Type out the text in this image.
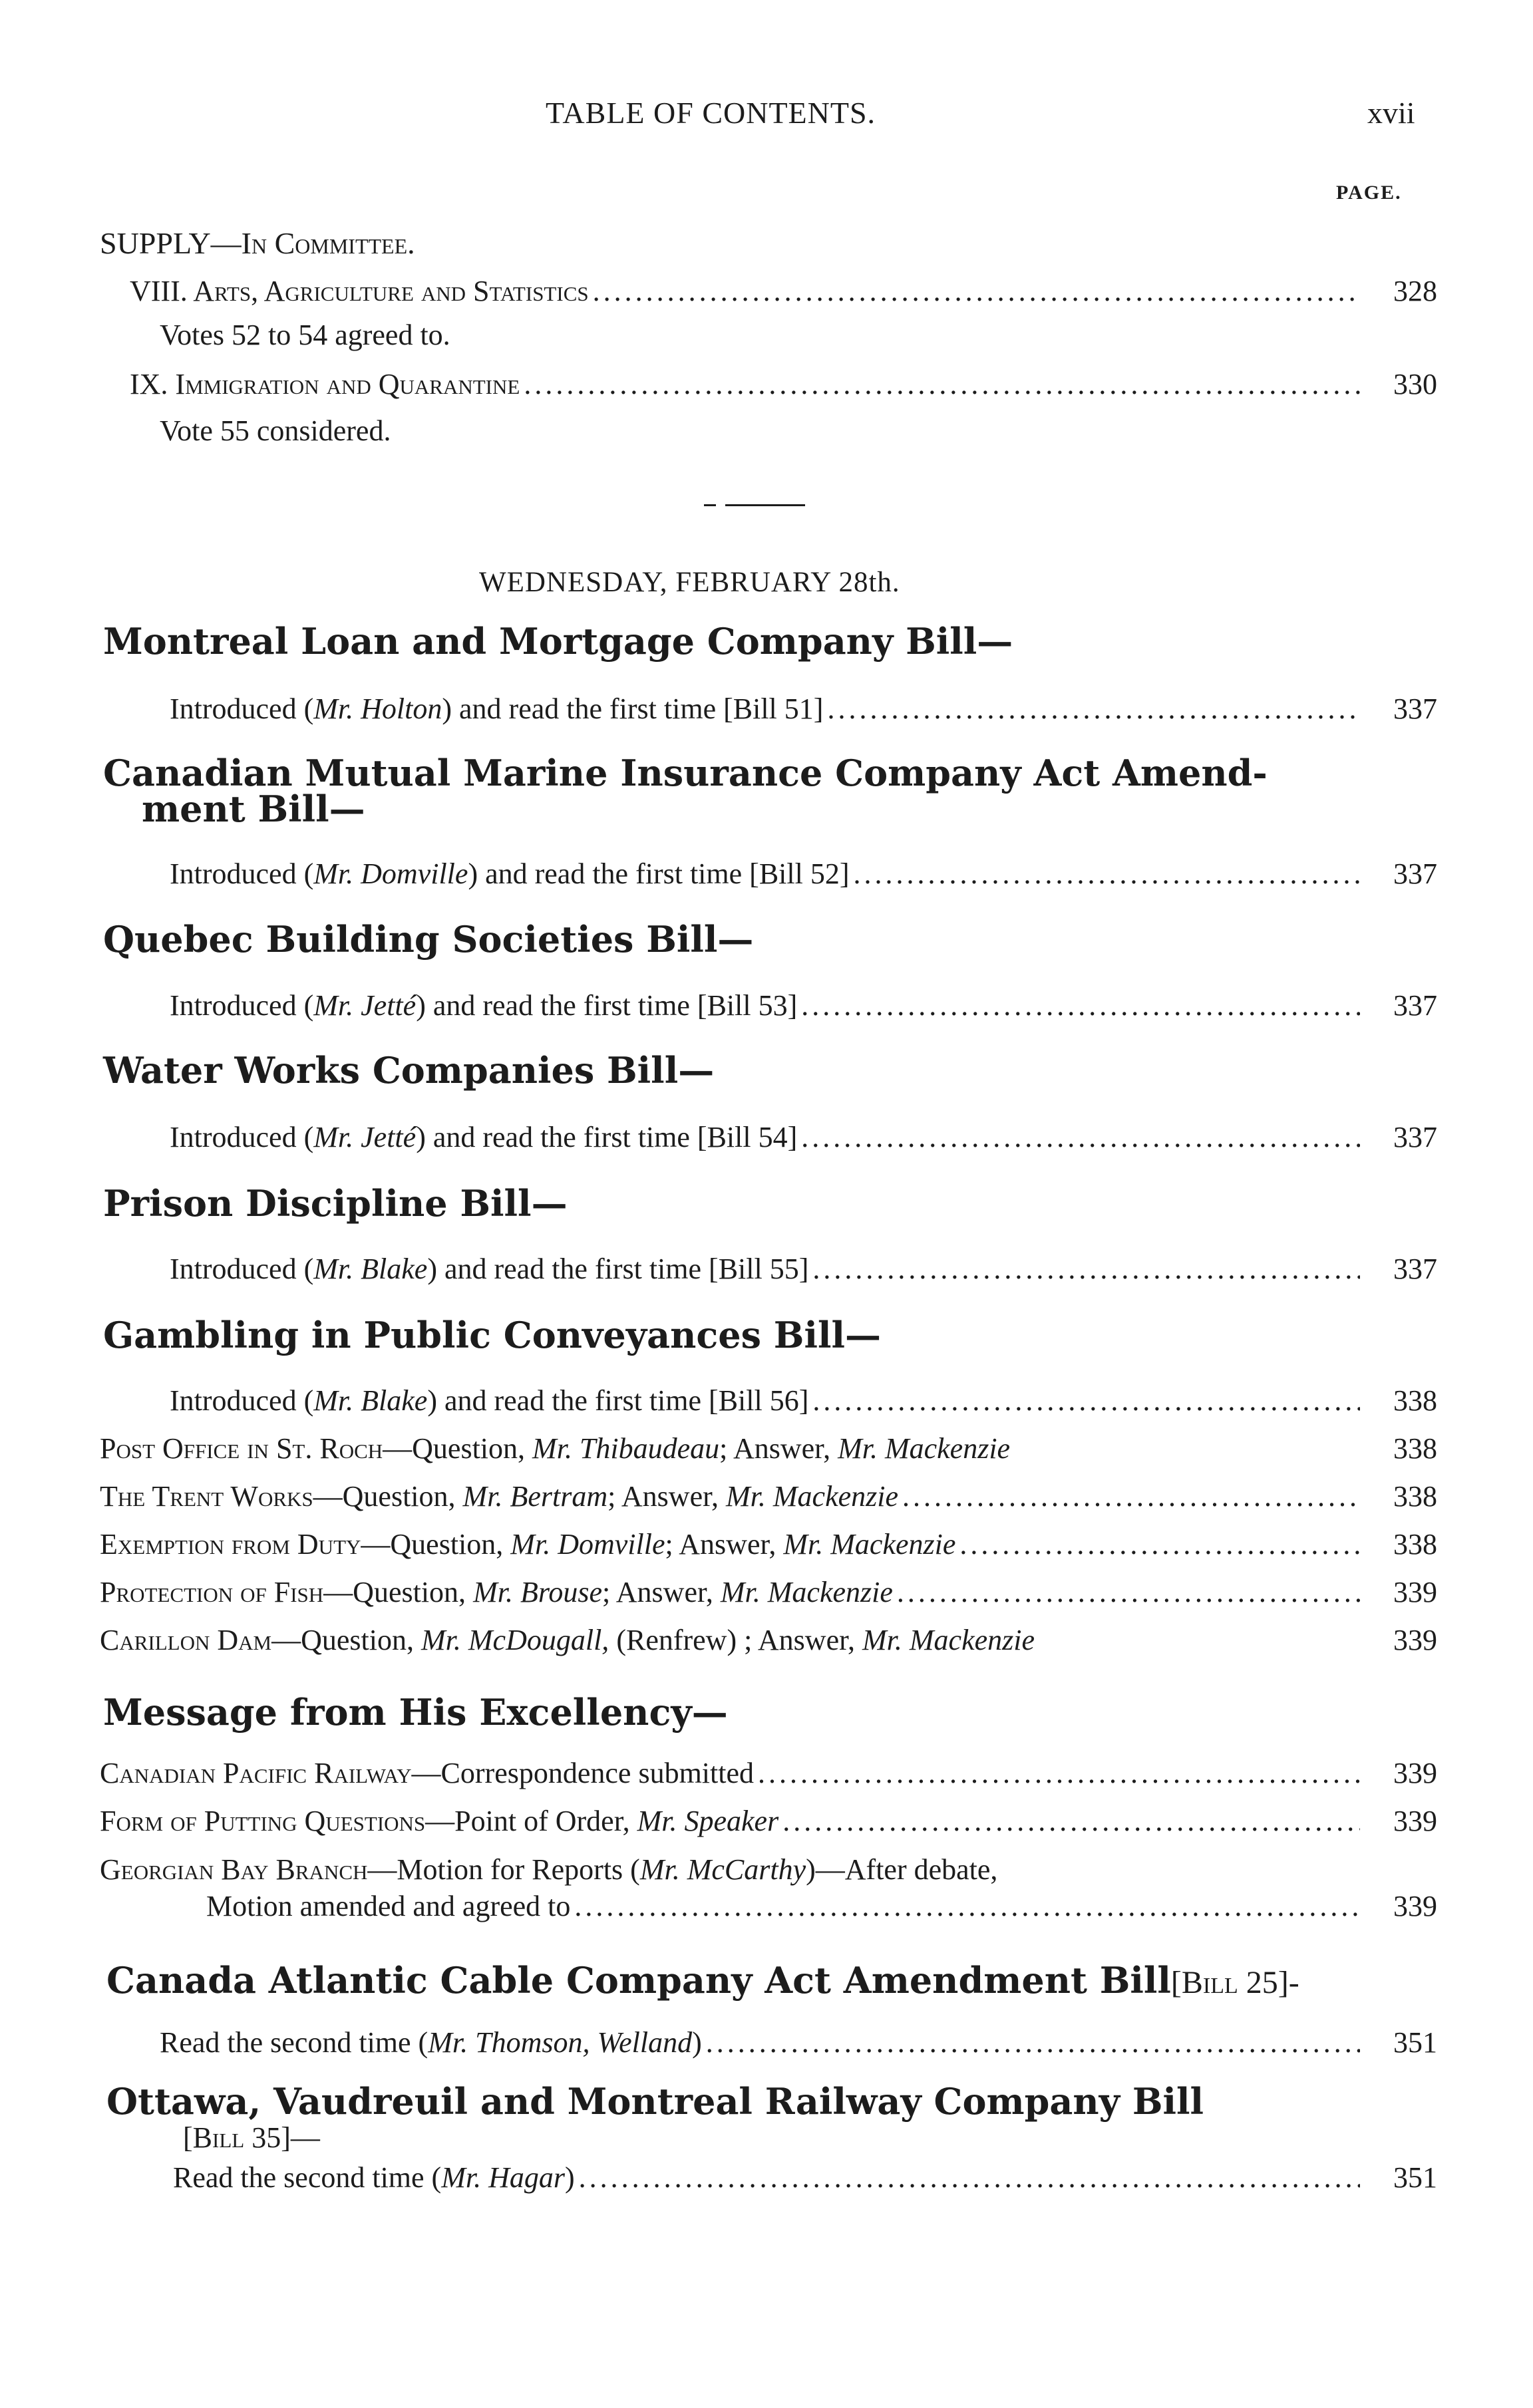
TABLE OF CONTENTS.	xvii
PAGE.
SUPPLY—In Committee.
VIII. Arts, Agriculture and Statistics .....	328
Votes 52 to 54 agreed to.
IX. Immigration and Quarantine .....	330
Vote 55 considered.
WEDNESDAY, FEBRUARY 28th.
Montreal Loan and Mortgage Company Bill—
Introduced (Mr. Holton) and read the first time [Bill 51] .....	337
Canadian Mutual Marine Insurance Company Act Amend-
ment Bill—
Introduced (Mr. Domville) and read the first time [Bill 52] .....	337
Quebec Building Societies Bill—
Introduced (Mr. Jetté) and read the first time [Bill 53] .....	337
Water Works Companies Bill—
Introduced (Mr. Jetté) and read the first time [Bill 54] .....	337
Prison Discipline Bill—
Introduced (Mr. Blake) and read the first time [Bill 55] .....	337
Gambling in Public Conveyances Bill—
Introduced (Mr. Blake) and read the first time [Bill 56] .....	338
Post Office in St. Roch—Question, Mr. Thibaudeau; Answer, Mr. Mackenzie	338
The Trent Works—Question, Mr. Bertram; Answer, Mr. Mackenzie .....	338
Exemption from Duty—Question, Mr. Domville; Answer, Mr. Mackenzie .....	338
Protection of Fish—Question, Mr. Brouse; Answer, Mr. Mackenzie .....	339
Carillon Dam—Question, Mr. McDougall, (Renfrew) ; Answer, Mr. Mackenzie	339
Message from His Excellency—
Canadian Pacific Railway—Correspondence submitted .....	339
Form of Putting Questions—Point of Order, Mr. Speaker .....	339
Georgian Bay Branch—Motion for Reports (Mr. McCarthy)—After debate,
Motion amended and agreed to .....	339
Canada Atlantic Cable Company Act Amendment Bill[Bill 25]-
Read the second time (Mr. Thomson, Welland) .....	351
Ottawa, Vaudreuil and Montreal Railway Company Bill
[Bill 35]—
Read the second time (Mr. Hagar) .....	351
